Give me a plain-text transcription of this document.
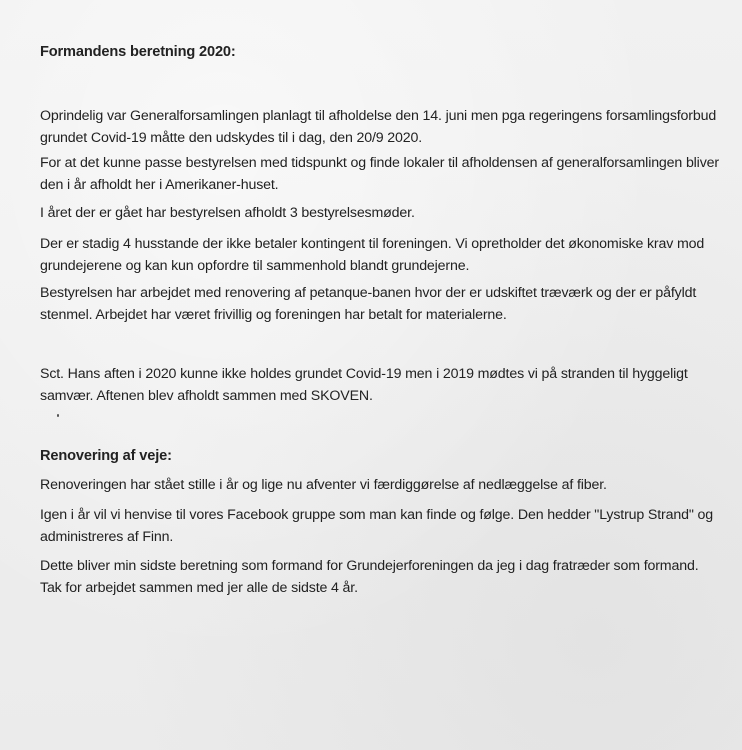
Formandens beretning 2020:

Oprindelig var Generalforsamlingen planlagt til afholdelse den 14. juni men pga regeringens forsamlingsforbud grundet Covid-19 måtte den udskydes til i dag, den 20/9 2020.

For at det kunne passe bestyrelsen med tidspunkt og finde lokaler til afholdensen af generalforsamlingen bliver den i år afholdt her i Amerikaner-huset.

I året der er gået har bestyrelsen afholdt 3 bestyrelsesmøder.

Der er stadig 4 husstande der ikke betaler kontingent til foreningen. Vi opretholder det økonomiske krav mod grundejerene og kan kun opfordre til sammenhold blandt grundejerne.

Bestyrelsen har arbejdet med renovering af petanque-banen hvor der er udskiftet træværk og der er påfyldt stenmel. Arbejdet har været frivillig og foreningen har betalt for materialerne.

Sct. Hans aften i 2020 kunne ikke holdes grundet Covid-19 men i 2019 mødtes vi på stranden til hyggeligt samvær. Aftenen blev afholdt sammen med SKOVEN.

Renovering af veje:

Renoveringen har stået stille i år og lige nu afventer vi færdiggørelse af nedlæggelse af fiber.

Igen i år vil vi henvise til vores Facebook gruppe som man kan finde og følge. Den hedder "Lystrup Strand" og administreres af Finn.

Dette bliver min sidste beretning som formand for Grundejerforeningen da jeg i dag fratræder som formand. Tak for arbejdet sammen med jer alle de sidste 4 år.
